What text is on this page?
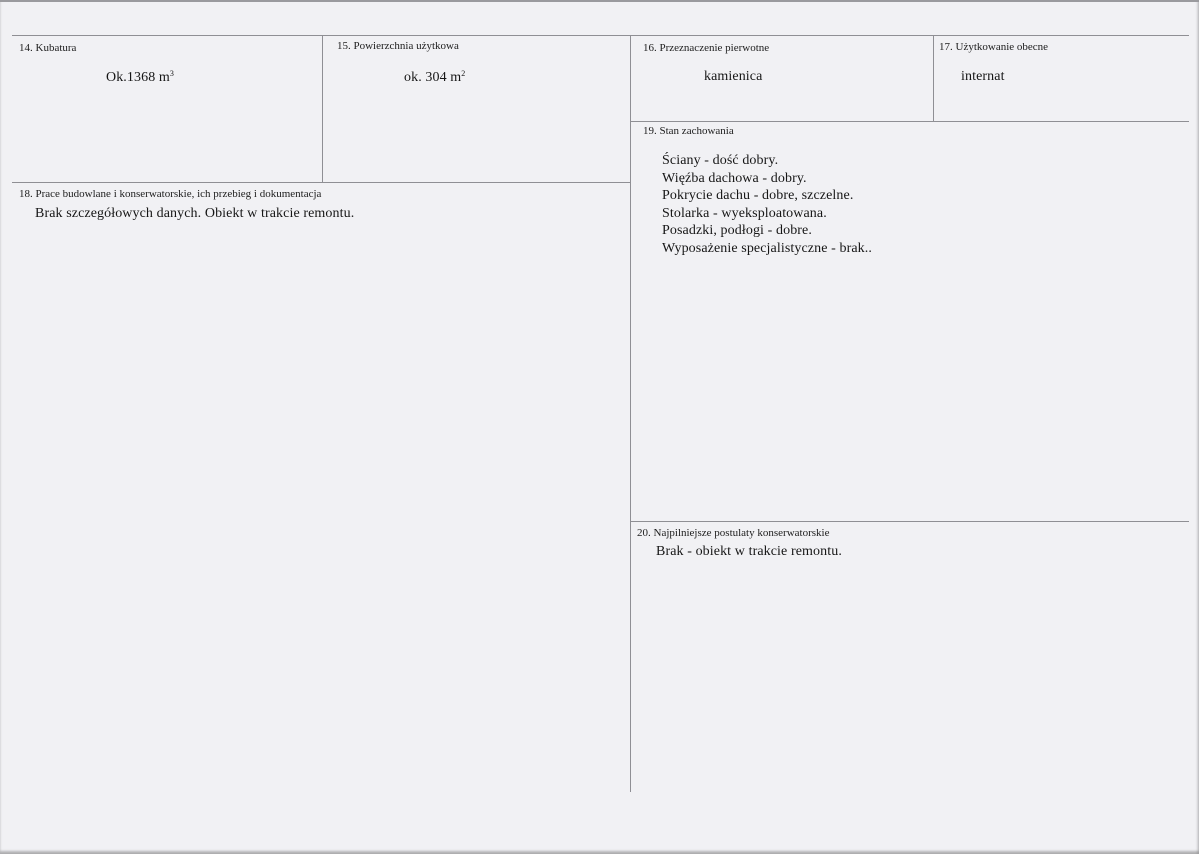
14. Kubatura
Ok.1368 $m^3$
15. Powierzchnia użytkowa
ok. 304 $m^2$
16. Przeznaczenie pierwotne
kamienica
17. Użytkowanie obecne
internat
19. Stan zachowania
Ściany - dość dobry.
Więźba dachowa - dobry.
Pokrycie dachu - dobre, szczelne.
Stolarka - wyeksploatowana.
Posadzki, podłogi - dobre.
Wyposażenie specjalistyczne - brak..
18. Prace budowlane i konserwatorskie, ich przebieg i dokumentacja
Brak szczegółowych danych. Obiekt w trakcie remontu.
20. Najpilniejsze postulaty konserwatorskie
Brak - obiekt w trakcie remontu.
